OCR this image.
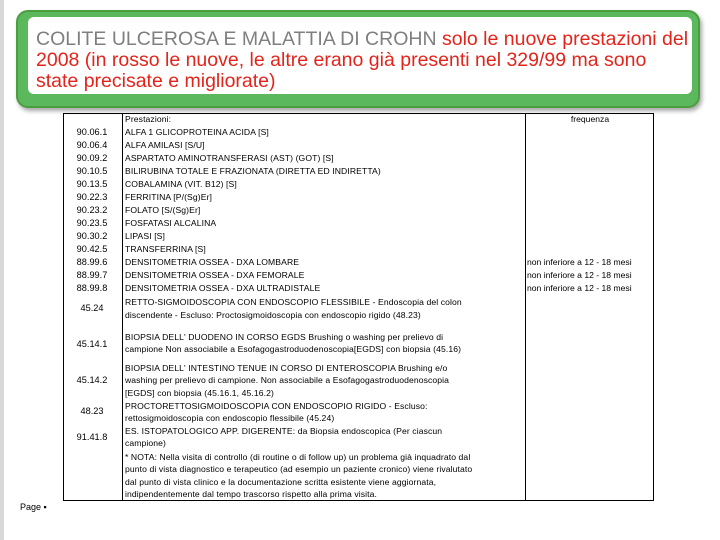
COLITE ULCEROSA E MALATTIA DI CROHN solo le nuove prestazioni del 2008 (in rosso le nuove, le altre erano già presenti nel 329/99 ma sono state precisate e migliorate)
90.06.1
90.06.4
90.09.2
90.10.5
90.13.5
90.22.3
90.23.2
90.23.5
90.30.2
90.42.5
88.99.6
88.99.7
88.99.8
45.24
45.14.1
45.14.2
48.23
91.41.8
Prestazioni:
ALFA 1 GLICOPROTEINA ACIDA [S]
ALFA AMILASI [S/U]
ASPARTATO AMINOTRANSFERASI (AST) (GOT) [S]
BILIRUBINA TOTALE E FRAZIONATA (DIRETTA ED INDIRETTA)
COBALAMINA (VIT. B12) [S]
FERRITINA [P/(Sg)Er]
FOLATO [S/(Sg)Er]
FOSFATASI ALCALINA
LIPASI [S]
TRANSFERRINA [S]
DENSITOMETRIA OSSEA - DXA LOMBARE
DENSITOMETRIA OSSEA - DXA FEMORALE
DENSITOMETRIA OSSEA - DXA ULTRADISTALE
RETTO-SIGMOIDOSCOPIA CON ENDOSCOPIO FLESSIBILE - Endoscopia del colon
discendente - Escluso: Proctosigmoidoscopia con endoscopio rigido (48.23)
BIOPSIA DELL' DUODENO IN CORSO EGDS Brushing o washing per prelievo di
campione Non associabile a Esofagogastroduodenoscopia[EGDS] con biopsia (45.16)
BIOPSIA DELL' INTESTINO TENUE IN CORSO DI ENTEROSCOPIA Brushing e/o
washing per prelievo di campione. Non associabile a Esofagogastroduodenoscopia
[EGDS] con biopsia (45.16.1, 45.16.2)
PROCTORETTOSIGMOIDOSCOPIA CON ENDOSCOPIO RIGIDO - Escluso:
rettosigmoidoscopia con endoscopio flessibile (45.24)
ES. ISTOPATOLOGICO APP. DIGERENTE: da Biopsia endoscopica (Per ciascun
campione)
* NOTA: Nella visita di controllo (di routine o di follow up) un problema già inquadrato dal
punto di vista diagnostico e terapeutico (ad esempio un paziente cronico) viene rivalutato
dal punto di vista clinico e la documentazione scritta esistente viene aggiornata,
indipendentemente dal tempo trascorso rispetto alla prima visita.
frequenza
non inferiore a 12 - 18 mesi
non inferiore a 12 - 18 mesi
non inferiore a 12 - 18 mesi
Page ▪
